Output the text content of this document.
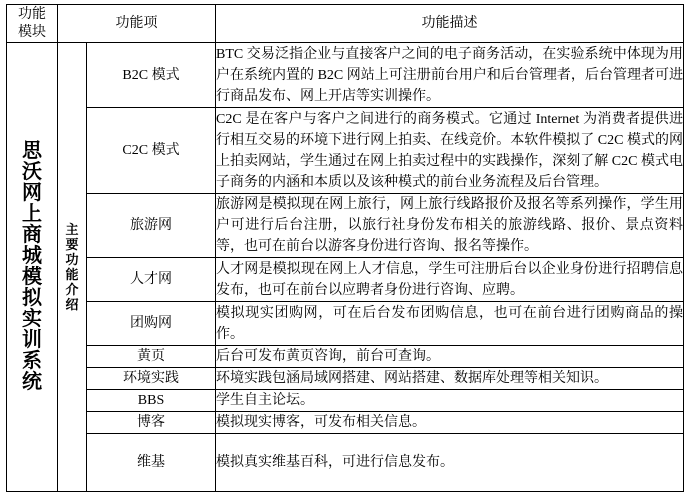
功能模块	功能项		功能描述

思沃网上商城模拟实训系统	主要功能介绍	B2C 模式	BTC 交易泛指企业与直接客户之间的电子商务活动，在实验系统中体现为用户在系统内置的 B2C 网站上可注册前台用户和后台管理者，后台管理者可进行商品发布、网上开店等实训操作。
		C2C 模式	C2C 是在客户与客户之间进行的商务模式。它通过 Internet 为消费者提供进行相互交易的环境下进行网上拍卖、在线竞价。本软件模拟了 C2C 模式的网上拍卖网站，学生通过在网上拍卖过程中的实践操作，深刻了解 C2C 模式电子商务的内涵和本质以及该种模式的前台业务流程及后台管理。
		旅游网	旅游网是模拟现在网上旅行，网上旅行线路报价及报名等系列操作，学生用户可进行后台注册，以旅行社身份发布相关的旅游线路、报价、景点资料等，也可在前台以游客身份进行咨询、报名等操作。
		人才网	人才网是模拟现在网上人才信息，学生可注册后台以企业身份进行招聘信息发布，也可在前台以应聘者身份进行咨询、应聘。
		团购网	模拟现实团购网，可在后台发布团购信息，也可在前台进行团购商品的操作。
		黄页	后台可发布黄页咨询，前台可查询。
		环境实践	环境实践包涵局域网搭建、网站搭建、数据库处理等相关知识。
		BBS	学生自主论坛。
		博客	模拟现实博客，可发布相关信息。
		维基	模拟真实维基百科，可进行信息发布。
